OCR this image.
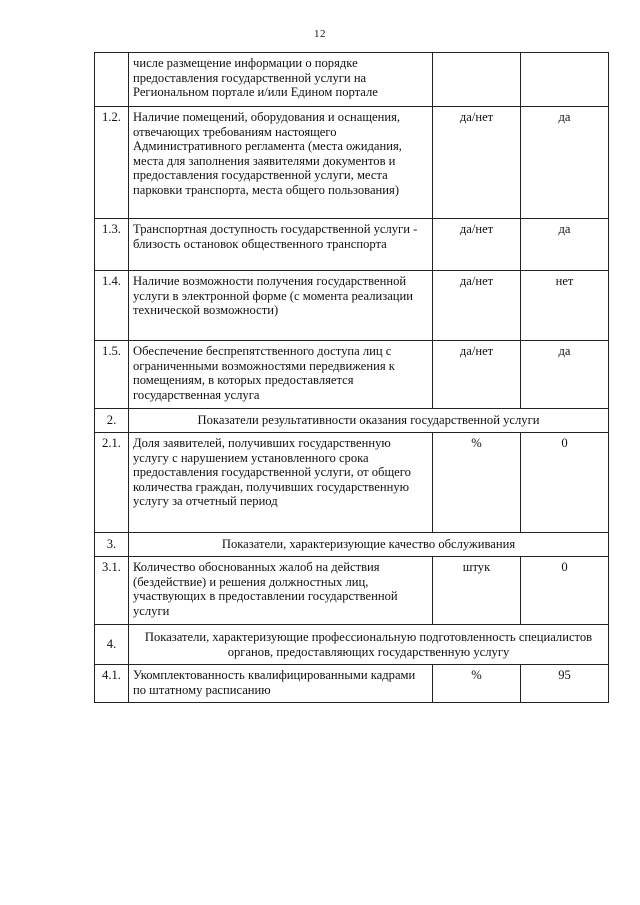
12
	числе размещение информации о порядке предоставления государственной услуги на Региональном портале и/или Едином портале		
1.2.	Наличие помещений, оборудования и оснащения, отвечающих требованиям настоящего Административного регламента (места ожидания, места для заполнения заявителями документов и предоставления государственной услуги, места парковки транспорта, места общего пользования)	да/нет	да
1.3.	Транспортная доступность государственной услуги - близость остановок общественного транспорта	да/нет	да
1.4.	Наличие возможности получения государственной услуги в электронной форме (с момента реализации технической возможности)	да/нет	нет
1.5.	Обеспечение беспрепятственного доступа лиц с ограниченными возможностями передвижения к помещениям, в которых предоставляется государственная услуга	да/нет	да
2.	Показатели результативности оказания государственной услуги		
2.1.	Доля заявителей, получивших государственную услугу с нарушением установленного срока предоставления государственной услуги, от общего количества граждан, получивших государственную услугу за отчетный период	%	0
3.	Показатели, характеризующие качество обслуживания		
3.1.	Количество обоснованных жалоб на действия (бездействие) и решения должностных лиц, участвующих в предоставлении государственной услуги	штук	0
4.	Показатели, характеризующие профессиональную подготовленность специалистов органов, предоставляющих государственную услугу		
4.1.	Укомплектованность квалифицированными кадрами по штатному расписанию	%	95
